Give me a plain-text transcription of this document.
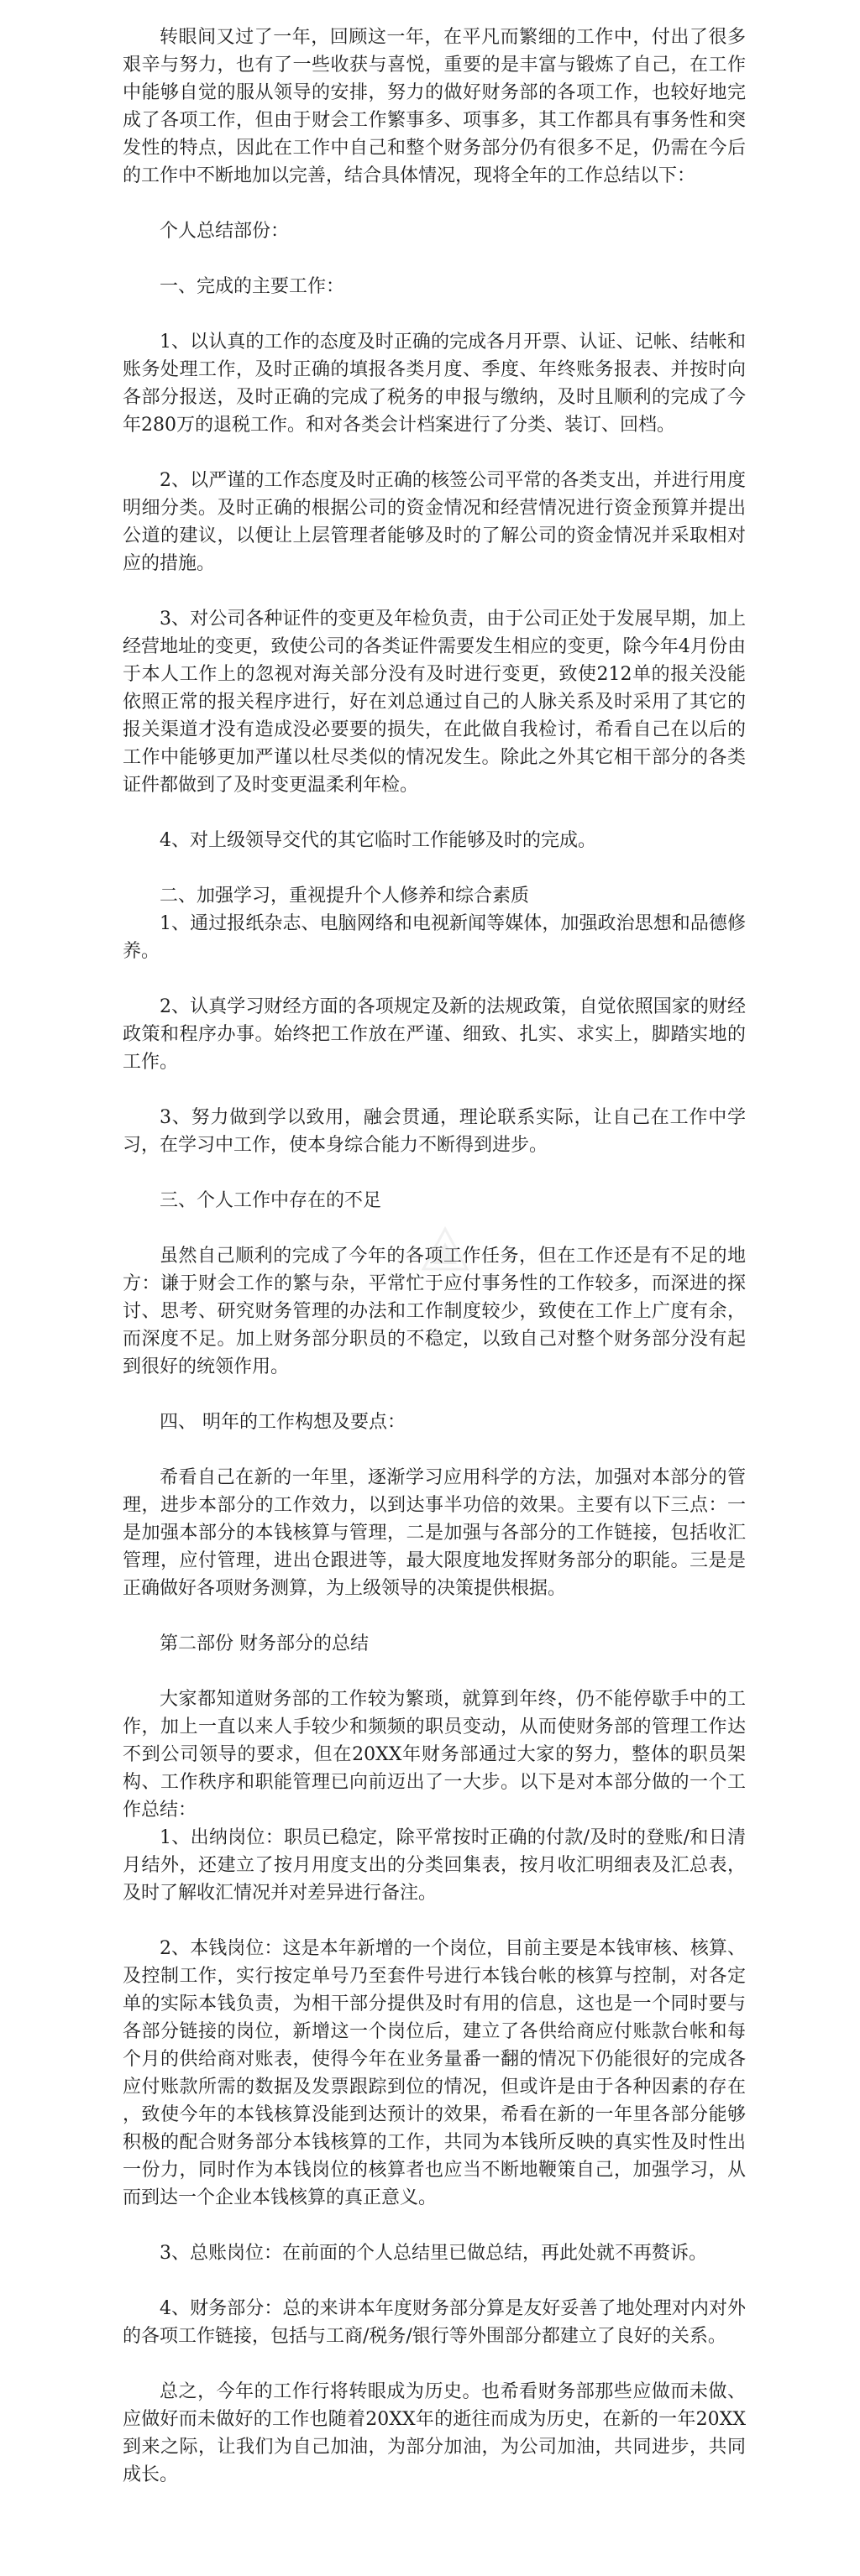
转眼间又过了一年，回顾这一年，在平凡而繁细的工作中，付出了很多艰辛与努力，也有了一些收获与喜悦，重要的是丰富与锻炼了自己，在工作中能够自觉的服从领导的安排，努力的做好财务部的各项工作，也较好地完成了各项工作，但由于财会工作繁事多、项事多，其工作都具有事务性和突发性的特点，因此在工作中自己和整个财务部分仍有很多不足，仍需在今后的工作中不断地加以完善，结合具体情况，现将全年的工作总结以下：

个人总结部份：

一、完成的主要工作：

1、以认真的工作的态度及时正确的完成各月开票、认证、记帐、结帐和账务处理工作，及时正确的填报各类月度、季度、年终账务报表、并按时向各部分报送，及时正确的完成了税务的申报与缴纳，及时且顺利的完成了今年280万的退税工作。和对各类会计档案进行了分类、装订、回档。

2、以严谨的工作态度及时正确的核签公司平常的各类支出，并进行用度明细分类。及时正确的根据公司的资金情况和经营情况进行资金预算并提出公道的建议，以便让上层管理者能够及时的了解公司的资金情况并采取相对应的措施。

3、对公司各种证件的变更及年检负责，由于公司正处于发展早期，加上经营地址的变更，致使公司的各类证件需要发生相应的变更，除今年4月份由于本人工作上的忽视对海关部分没有及时进行变更，致使212单的报关没能依照正常的报关程序进行，好在刘总通过自己的人脉关系及时采用了其它的报关渠道才没有造成没必要要的损失，在此做自我检讨，希看自己在以后的工作中能够更加严谨以杜尽类似的情况发生。除此之外其它相干部分的各类证件都做到了及时变更温柔利年检。

4、对上级领导交代的其它临时工作能够及时的完成。

二、加强学习，重视提升个人修养和综合素质

1、通过报纸杂志、电脑网络和电视新闻等媒体，加强政治思想和品德修养。

2、认真学习财经方面的各项规定及新的法规政策，自觉依照国家的财经政策和程序办事。始终把工作放在严谨、细致、扎实、求实上，脚踏实地的工作。

3、努力做到学以致用，融会贯通，理论联系实际，让自己在工作中学习，在学习中工作，使本身综合能力不断得到进步。

三、个人工作中存在的不足

虽然自己顺利的完成了今年的各项工作任务，但在工作还是有不足的地方：谦于财会工作的繁与杂，平常忙于应付事务性的工作较多，而深进的探讨、思考、研究财务管理的办法和工作制度较少，致使在工作上广度有余，而深度不足。加上财务部分职员的不稳定，以致自己对整个财务部分没有起到很好的统领作用。

四、 明年的工作构想及要点：

希看自己在新的一年里，逐渐学习应用科学的方法，加强对本部分的管理，进步本部分的工作效力，以到达事半功倍的效果。主要有以下三点：一是加强本部分的本钱核算与管理，二是加强与各部分的工作链接，包括收汇管理，应付管理，进出仓跟进等，最大限度地发挥财务部分的职能。三是是正确做好各项财务测算，为上级领导的决策提供根据。

第二部份 财务部分的总结

大家都知道财务部的工作较为繁琐，就算到年终，仍不能停歇手中的工作，加上一直以来人手较少和频频的职员变动，从而使财务部的管理工作达不到公司领导的要求，但在20XX年财务部通过大家的努力，整体的职员架构、工作秩序和职能管理已向前迈出了一大步。以下是对本部分做的一个工作总结：

1、出纳岗位：职员已稳定，除平常按时正确的付款/及时的登账/和日清月结外，还建立了按月用度支出的分类回集表，按月收汇明细表及汇总表，及时了解收汇情况并对差异进行备注。

2、本钱岗位：这是本年新增的一个岗位，目前主要是本钱审核、核算、及控制工作，实行按定单号乃至套件号进行本钱台帐的核算与控制，对各定单的实际本钱负责，为相干部分提供及时有用的信息，这也是一个同时要与各部分链接的岗位，新增这一个岗位后，建立了各供给商应付账款台帐和每个月的供给商对账表，使得今年在业务量番一翻的情况下仍能很好的完成各应付账款所需的数据及发票跟踪到位的情况，但或许是由于各种因素的存在 ，致使今年的本钱核算没能到达预计的效果，希看在新的一年里各部分能够积极的配合财务部分本钱核算的工作，共同为本钱所反映的真实性及时性出一份力，同时作为本钱岗位的核算者也应当不断地鞭策自己，加强学习，从而到达一个企业本钱核算的真正意义。

3、总账岗位：在前面的个人总结里已做总结，再此处就不再赘诉。

4、财务部分：总的来讲本年度财务部分算是友好妥善了地处理对内对外的各项工作链接，包括与工商/税务/银行等外围部分都建立了良好的关系。

总之，今年的工作行将转眼成为历史。也希看财务部那些应做而未做、应做好而未做好的工作也随着20XX年的逝往而成为历史，在新的一年20XX到来之际，让我们为自己加油，为部分加油，为公司加油，共同进步，共同成长。
